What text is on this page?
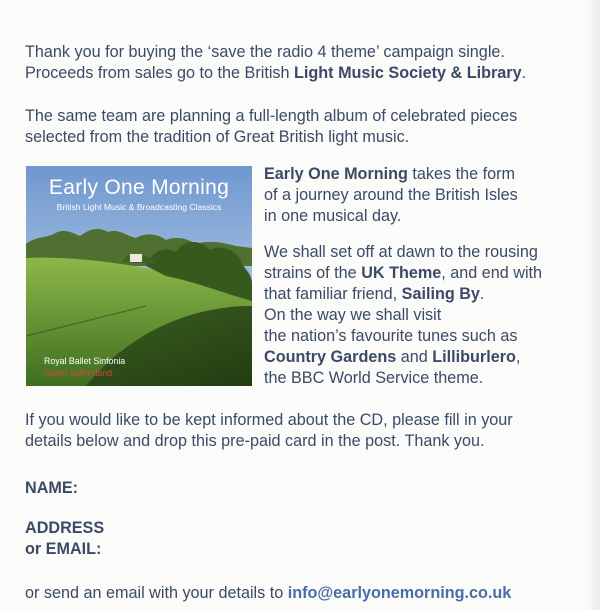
Thank you for buying the ‘save the radio 4 theme’ campaign single.
Proceeds from sales go to the British Light Music Society & Library.

The same team are planning a full-length album of celebrated pieces
selected from the tradition of Great British light music.

Early One Morning
British Light Music & Broadcasting Classics
Royal Ballet Sinfonia
Gavin Sutherland
Early One Morning takes the form
of a journey around the British Isles
in one musical day.
We shall set off at dawn to the rousing
strains of the UK Theme, and end with
that familiar friend, Sailing By.
On the way we shall visit
the nation’s favourite tunes such as
Country Gardens and Lilliburlero,
the BBC World Service theme.

If you would like to be kept informed about the CD, please fill in your
details below and drop this pre-paid card in the post. Thank you.

NAME:
ADDRESS
or EMAIL:
or send an email with your details to info@earlyonemorning.co.uk
